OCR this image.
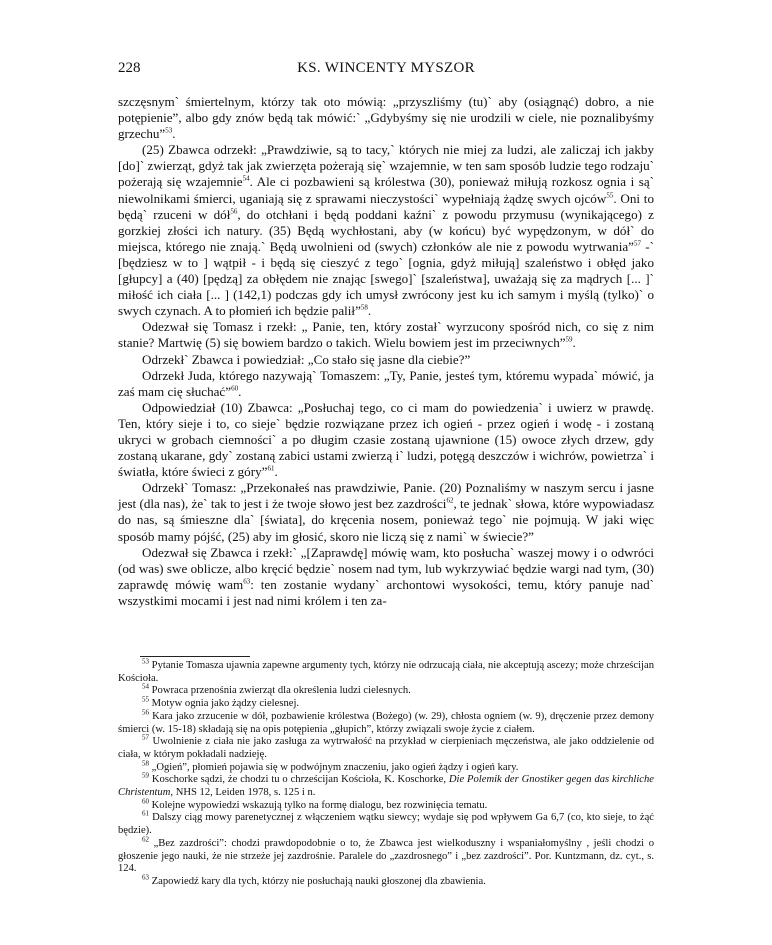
228	KS. WINCENTY MYSZOR

szczęsnym` śmiertelnym, którzy tak oto mówią: „przyszliśmy (tu)` aby (osiągnąć) dobro, a nie potępienie”, albo gdy znów będą tak mówić:` „Gdybyśmy się nie urodzili w ciele, nie poznalibyśmy grzechu”$^{53}$.

(25) Zbawca odrzekł: „Prawdziwie, są to tacy,` których nie miej za ludzi, ale zaliczaj ich jakby [do]` zwierząt, gdyż tak jak zwierzęta pożerają się` wzajemnie, w ten sam sposób ludzie tego rodzaju` pożerają się wzajemnie$^{54}$. Ale ci pozbawieni są królestwa (30), ponieważ miłują rozkosz ognia i są` niewolnikami śmierci, uganiają się z sprawami nieczystości` wypełniają żądzę swych ojców$^{55}$. Oni to będą` rzuceni w dół$^{56}$, do otchłani i będą poddani kaźni` z powodu przymusu (wynikającego) z gorzkiej złości ich natury. (35) Będą wychłostani, aby (w końcu) być wypędzonym, w dół` do miejsca, którego nie znają.` Będą uwolnieni od (swych) członków ale nie z powodu wytrwania”$^{57}$ -` [będziesz w to ] wątpił - i będą się cieszyć z tego` [ognia, gdyż miłują] szaleństwo i obłęd jako [głupcy] a (40) [pędzą] za obłędem nie znając [swego]` [szaleństwa], uważają się za mądrych [... ]` miłość ich ciała [... ] (142,1) podczas gdy ich umysł zwrócony jest ku ich samym i myślą (tylko)` o swych czynach. A to płomień ich będzie palił”$^{58}$.

Odezwał się Tomasz i rzekł: „ Panie, ten, który został` wyrzucony spośród nich, co się z nim stanie? Martwię (5) się bowiem bardzo o takich. Wielu bowiem jest im przeciwnych”$^{59}$.

Odrzekł` Zbawca i powiedział: „Co stało się jasne dla ciebie?”

Odrzekł Juda, którego nazywają` Tomaszem: „Ty, Panie, jesteś tym, któremu wypada` mówić, ja zaś mam cię słuchać”$^{60}$.

Odpowiedział (10) Zbawca: „Posłuchaj tego, co ci mam do powiedzenia` i uwierz w prawdę. Ten, który sieje i to, co sieje` będzie rozwiązane przez ich ogień - przez ogień i wodę - i zostaną ukryci w grobach ciemności` a po długim czasie zostaną ujawnione (15) owoce złych drzew, gdy zostaną ukarane, gdy` zostaną zabici ustami zwierzą i` ludzi, potęgą deszczów i wichrów, powietrza` i światła, które świeci z góry”$^{61}$.

Odrzekł` Tomasz: „Przekonałeś nas prawdziwie, Panie. (20) Poznaliśmy w naszym sercu i jasne jest (dla nas), że` tak to jest i że twoje słowo jest bez zazdrości$^{62}$, te jednak` słowa, które wypowiadasz do nas, są śmieszne dla` [świata], do kręcenia nosem, ponieważ tego` nie pojmują. W jaki więc sposób mamy pójść, (25) aby im głosić, skoro nie liczą się z nami` w świecie?”

Odezwał się Zbawca i rzekł:` „[Zaprawdę] mówię wam, kto posłucha` waszej mowy i o odwróci (od was) swe oblicze, albo kręcić będzie` nosem nad tym, lub wykrzywiać będzie wargi nad tym, (30) zaprawdę mówię wam$^{63}$: ten zostanie wydany` archontowi wysokości, temu, który panuje nad` wszystkimi mocami i jest nad nimi królem i ten za-

$^{53}$ Pytanie Tomasza ujawnia zapewne argumenty tych, którzy nie odrzucają ciała, nie akceptują ascezy; może chrześcijan Kościoła.

$^{54}$ Powraca przenośnia zwierząt dla określenia ludzi cielesnych.

$^{55}$ Motyw ognia jako żądzy cielesnej.

$^{56}$ Kara jako zrzucenie w dół, pozbawienie królestwa (Bożego) (w. 29), chłosta ogniem (w. 9), dręczenie przez demony śmierci (w. 15-18) składają się na opis potępienia „głupich”, którzy związali swoje życie z ciałem.

$^{57}$ Uwolnienie z ciała nie jako zasługa za wytrwałość na przykład w cierpieniach męczeństwa, ale jako oddzielenie od ciała, w którym pokładali nadzieję.

$^{58}$ „Ogień”, płomień pojawia się w podwójnym znaczeniu, jako ogień żądzy i ogień kary.

$^{59}$ Koschorke sądzi, że chodzi tu o chrześcijan Kościoła, K. Koschorke, Die Polemik der Gnostiker gegen das kirchliche Christentum, NHS 12, Leiden 1978, s. 125 i n.

$^{60}$ Kolejne wypowiedzi wskazują tylko na formę dialogu, bez rozwinięcia tematu.

$^{61}$ Dalszy ciąg mowy parenetycznej z włączeniem wątku siewcy; wydaje się pod wpływem Ga 6,7 (co, kto sieje, to żąć będzie).

$^{62}$ „Bez zazdrości”: chodzi prawdopodobnie o to, że Zbawca jest wielkoduszny i wspaniałomyślny , jeśli chodzi o głoszenie jego nauki, że nie strzeże jej zazdrośnie. Paralele do „zazdrosnego” i „bez zazdrości”. Por. Kuntzmann, dz. cyt., s. 124.

$^{63}$ Zapowiedź kary dla tych, którzy nie posłuchają nauki głoszonej dla zbawienia.
